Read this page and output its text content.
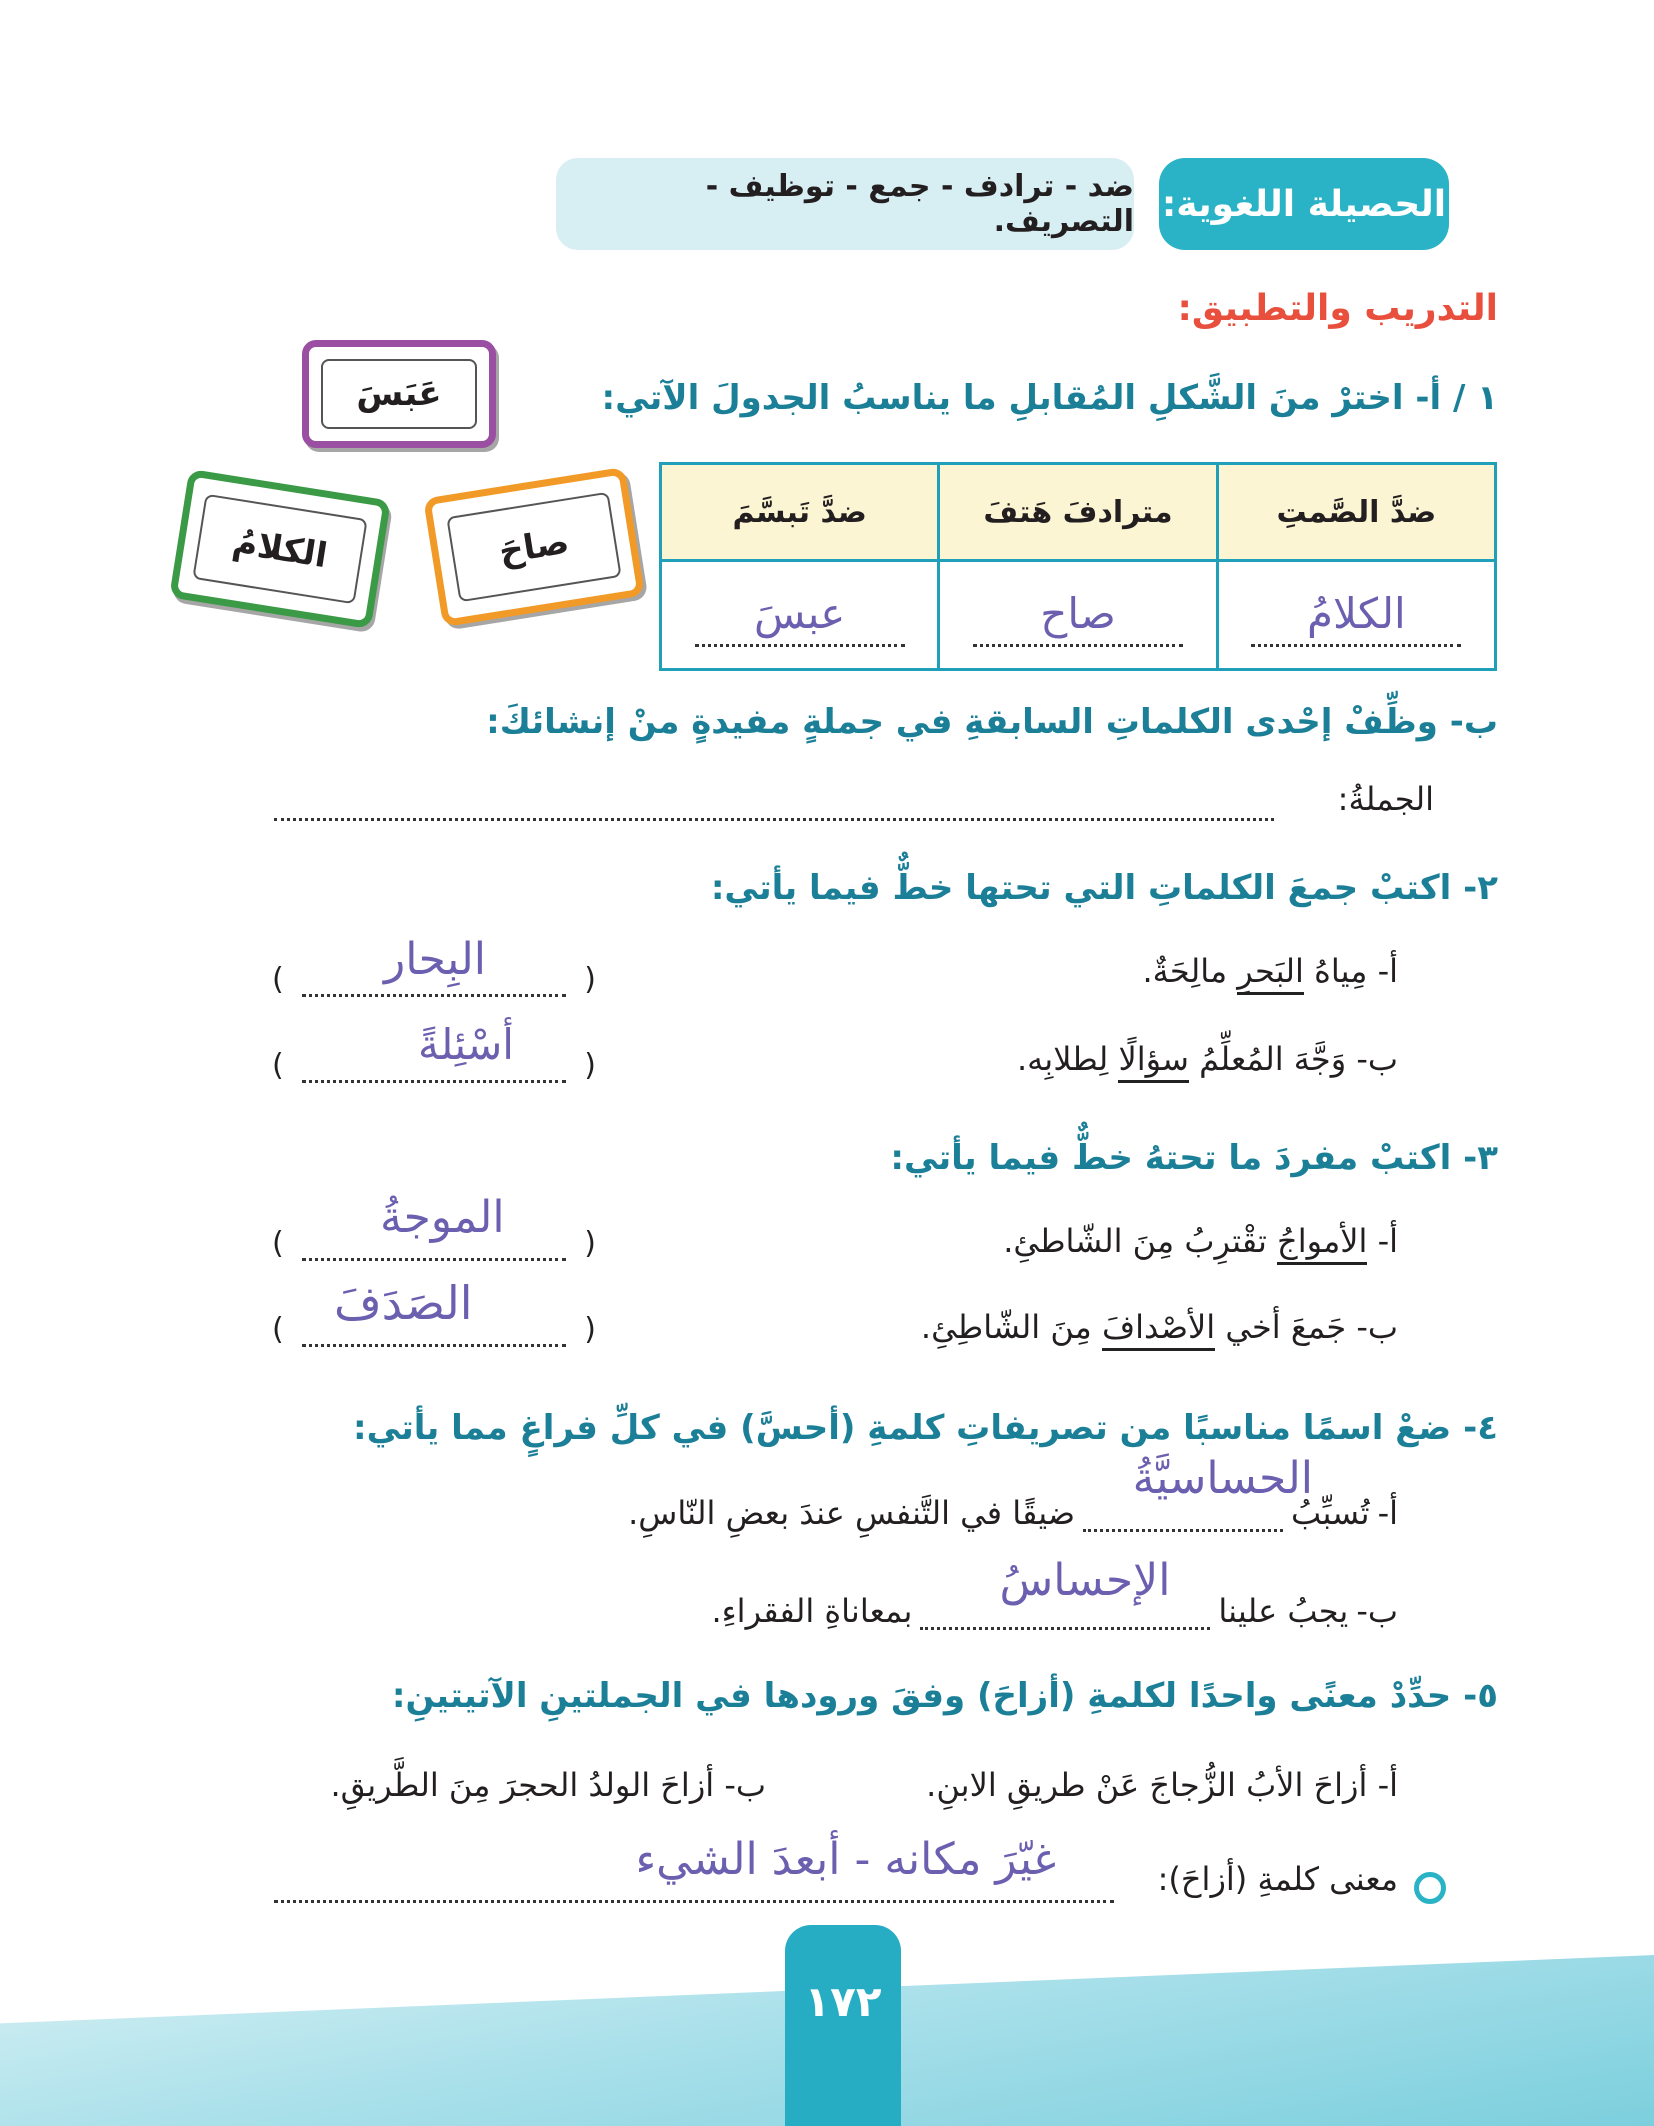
الحصيلة اللغوية:
ضد - ترادف - جمع - توظيف - التصريف.
التدريب والتطبيق:
١ / أ- اخترْ منَ الشَّكلِ المُقابلِ ما يناسبُ الجدولَ الآتي:
عَبَسَ
صاحَ
الكلامُ
ضدَّ الصَّمتِ	مترادفَ هَتفَ	ضدَّ تَبسَّمَ
الكلامُ	صاح	عبسَ
ب- وظِّفْ إحْدى الكلماتِ السابقةِ في جملةٍ مفيدةٍ منْ إنشائكَ:
الجملةُ:
٢- اكتبْ جمعَ الكلماتِ التي تحتها خطٌّ فيما يأتي:
أ- مِياهُ البَحرِ مالِحَةٌ.
(
) البِحار
ب- وَجَّهَ المُعلِّمُ سؤالًا لِطلابِه.
(
)	أسْئِلةً
٣- اكتبْ مفردَ ما تحتهُ خطٌّ فيما يأتي:
أ- الأمواجُ تقْترِبُ مِنَ الشّاطئِ.
(
)
الموجةُ
ب- جَمعَ أخي الأصْدافَ مِنَ الشّاطِئِ.
(
) الصَدَفَ
٤- ضعْ اسمًا مناسبًا من تصريفاتِ كلمةِ (أحسَّ) في كلِّ فراغٍ مما يأتي:
أ-
تُسبِّبُ
الحساسيَّةُ
ضيقًا في التَّنفسِ عندَ بعضِ النّاسِ.
ب-
يجبُ علينا
الإحساسُ
بمعاناةِ الفقراءِ.
٥- حدِّدْ معنًى واحدًا لكلمةِ (أزاحَ) وفقَ ورودها في الجملتينِ الآتيتينِ:
أ- أزاحَ الأبُ الزُّجاجَ عَنْ طريقِ الابنِ.
ب- أزاحَ الولدُ الحجرَ مِنَ الطَّريقِ.
معنى كلمةِ (أزاحَ):
غيّرَ مكانه - أبعدَ الشيء
١٧٢
